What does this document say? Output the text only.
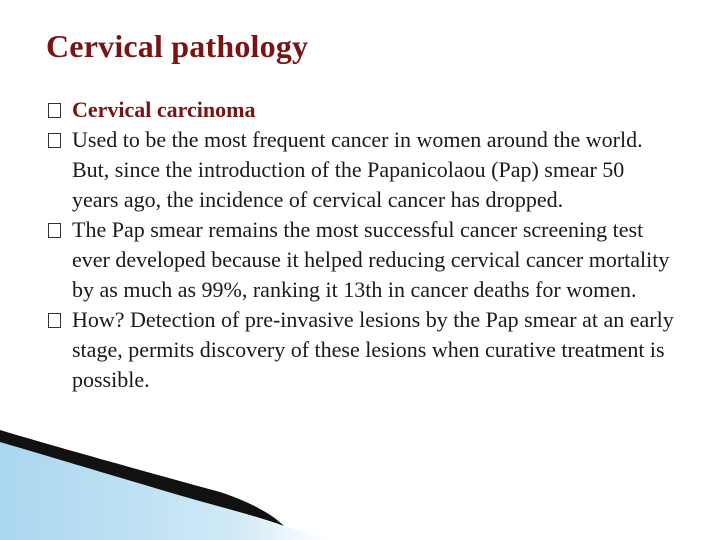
Cervical pathology
Cervical carcinoma
Used to be the most frequent cancer in women around the world. But, since the introduction of the Papanicolaou (Pap) smear 50 years ago, the incidence of cervical cancer has dropped.
The Pap smear remains the most successful cancer screening test ever developed because it helped reducing cervical cancer mortality by as much as 99%, ranking it 13th in cancer deaths for women.
How? Detection of pre-invasive lesions by the Pap smear at an early stage, permits discovery of these lesions when curative treatment is possible.
